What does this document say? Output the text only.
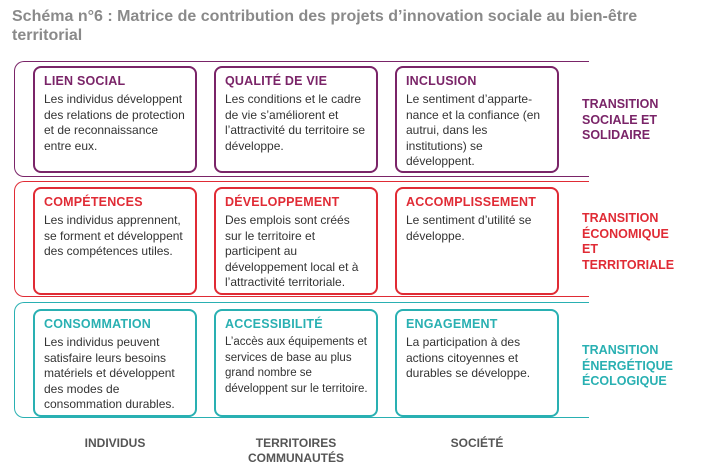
Schéma n°6 : Matrice de contribution des projets d’innovation sociale au bien-être territorial
LIEN SOCIAL
Les individus développent des relations de protection et de reconnaissance entre eux.
QUALITÉ DE VIE
Les conditions et le cadre de vie s’améliorent et l’attractivité du territoire se développe.
INCLUSION
Le sentiment d’apparte-nance et la confiance (en autrui, dans les institutions) se développent.
TRANSITION
SOCIALE ET
SOLIDAIRE
COMPÉTENCES
Les individus apprennent, se forment et développent des compétences utiles.
DÉVELOPPEMENT
Des emplois sont créés sur le territoire et participent au développement local et à l’attractivité territoriale.
ACCOMPLISSEMENT
Le sentiment d’utilité se développe.
TRANSITION
ÉCONOMIQUE
ET
TERRITORIALE
CONSOMMATION
Les individus peuvent satisfaire leurs besoins matériels et développent des modes de consommation durables.
ACCESSIBILITÉ
L’accès aux équipements et services de base au plus grand nombre se développent sur le territoire.
ENGAGEMENT
La participation à des actions citoyennes et durables se développe.
TRANSITION
ÉNERGÉTIQUE
ÉCOLOGIQUE
INDIVIDUS	TERRITOIRES
COMMUNAUTÉS
SOCIÉTÉ
